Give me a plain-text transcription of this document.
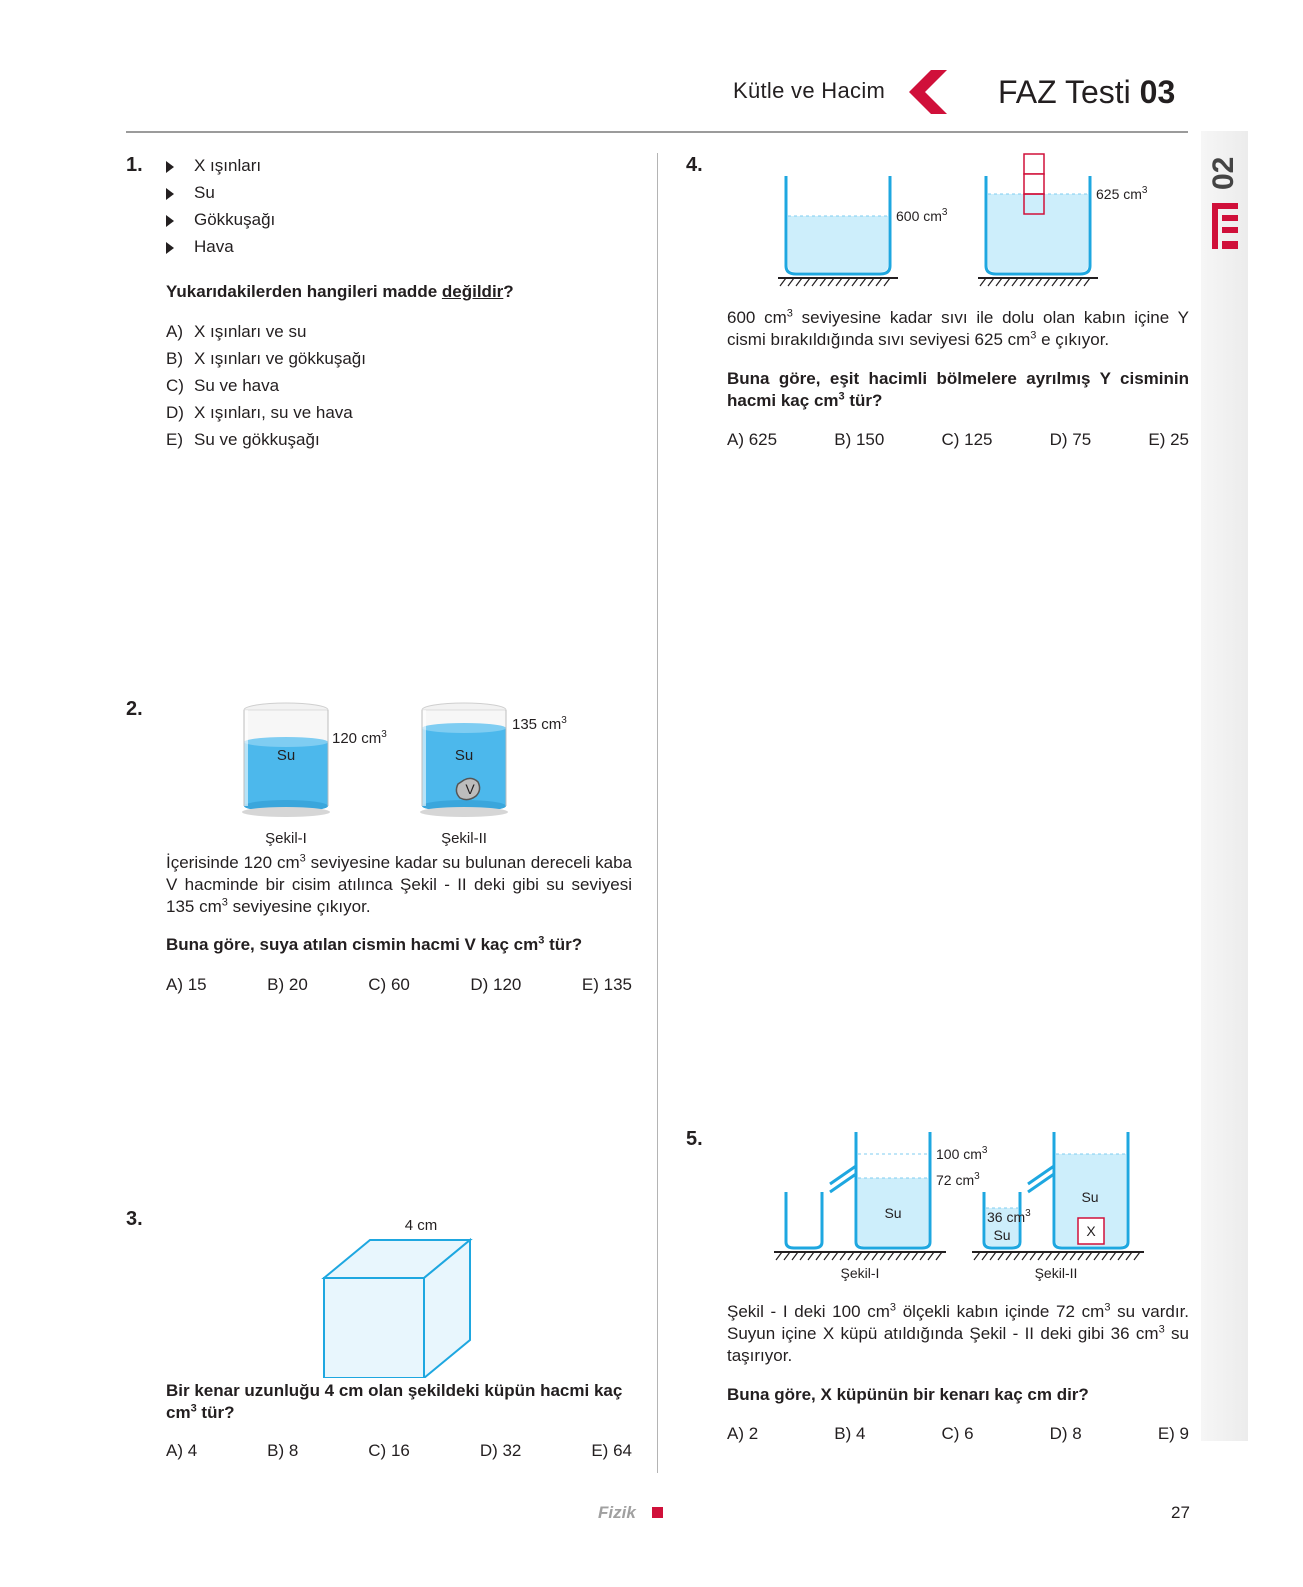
Kütle ve Hacim	FAZ Testi 03
02
1.	X ışınları
Su
Gökkuşağı
Hava
Yukarıdakilerden hangileri madde değildir?
A) X ışınları ve su
B) X ışınları ve gökkuşağı
C) Su ve hava
D) X ışınları, su ve hava
E) Su ve gökkuşağı
2.
Su
120 $cm^3$
Şekil-I
Su
V
135 $cm^3$
Şekil-II
İçerisinde 120 $cm^3$ seviyesine kadar su bulunan dereceli kaba V hacminde bir cisim atılınca Şekil - II deki gibi su seviyesi 135 $cm^3$ seviyesine çıkıyor.
Buna göre, suya atılan cismin hacmi V kaç $cm^3$ tür?
A) 15	B) 20	C) 60	D) 120	E) 135
3.	4 cm
Bir kenar uzunluğu 4 cm olan şekildeki küpün hacmi kaç $cm^3$ tür?
A) 4	B) 8	C) 16	D) 32	E) 64
4.
600 $cm^3$
625 $cm^3$
600 $cm^3$ seviyesine kadar sıvı ile dolu olan kabın içine Y cismi bırakıldığında sıvı seviyesi 625 $cm^3$ e çıkıyor.
Buna göre, eşit hacimli bölmelere ayrılmış Y cisminin hacmi kaç $cm^3$ tür?
A) 625	B) 150	C) 125	D) 75	E) 25
5.
Su
100 $cm^3$
72 $cm^3$
Şekil-I
Su
X
36 $cm^3$
Su
Şekil-II
Şekil - I deki 100 $cm^3$ ölçekli kabın içinde 72 $cm^3$ su vardır. Suyun içine X küpü atıldığında Şekil - II deki gibi 36 $cm^3$ su taşırıyor.
Buna göre, X küpünün bir kenarı kaç cm dir?
A) 2	B) 4	C) 6	D) 8	E) 9
Fizik	27
